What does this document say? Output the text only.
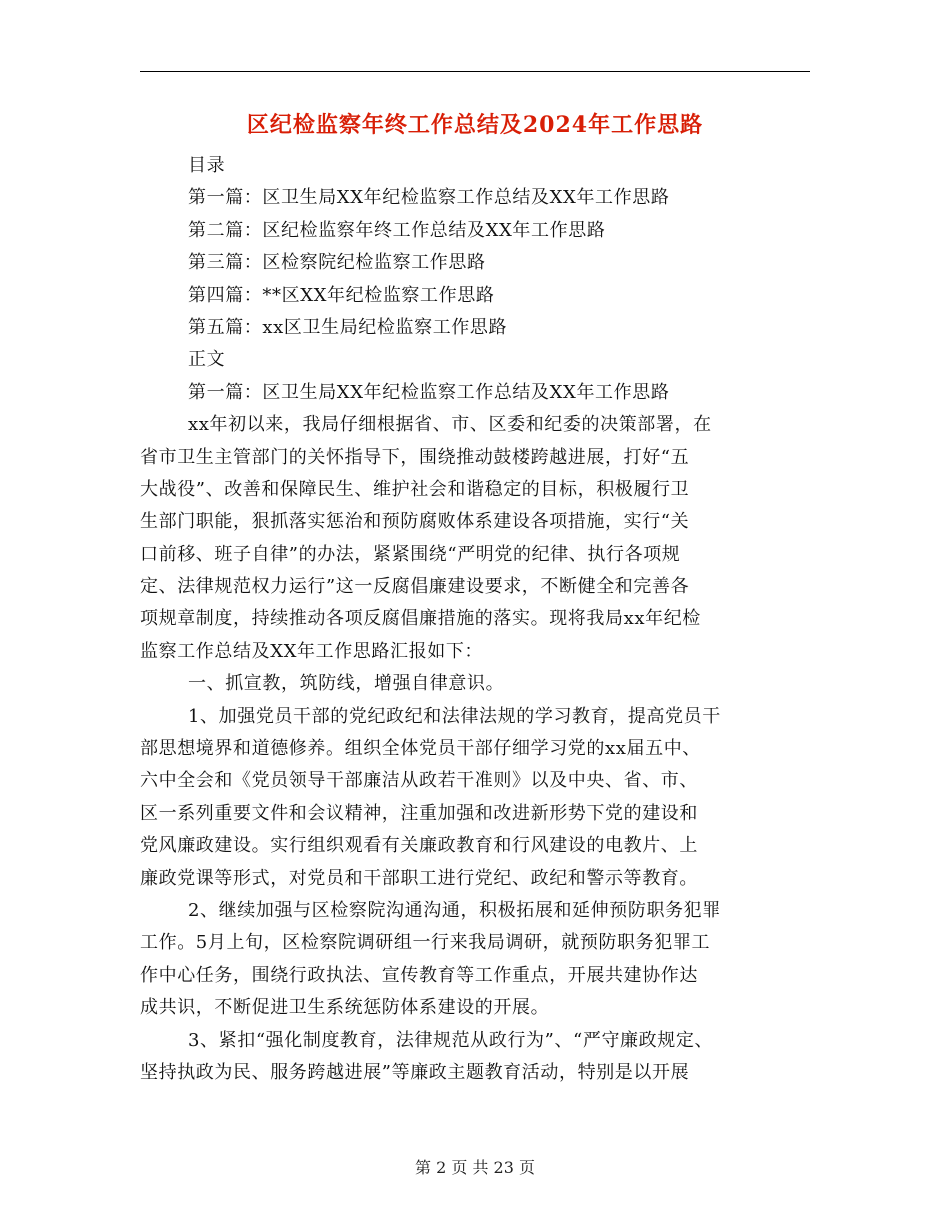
区纪检监察年终工作总结及2024年工作思路
目录
第一篇：区卫生局XX年纪检监察工作总结及XX年工作思路
第二篇：区纪检监察年终工作总结及XX年工作思路
第三篇：区检察院纪检监察工作思路
第四篇：**区XX年纪检监察工作思路
第五篇：xx区卫生局纪检监察工作思路
正文
第一篇：区卫生局XX年纪检监察工作总结及XX年工作思路
xx年初以来，我局仔细根据省、市、区委和纪委的决策部署，在
省市卫生主管部门的关怀指导下，围绕推动鼓楼跨越进展，打好“五
大战役”、改善和保障民生、维护社会和谐稳定的目标，积极履行卫
生部门职能，狠抓落实惩治和预防腐败体系建设各项措施，实行“关
口前移、班子自律”的办法，紧紧围绕“严明党的纪律、执行各项规
定、法律规范权力运行”这一反腐倡廉建设要求，不断健全和完善各
项规章制度，持续推动各项反腐倡廉措施的落实。现将我局xx年纪检
监察工作总结及XX年工作思路汇报如下：
一、抓宣教，筑防线，增强自律意识。
1、加强党员干部的党纪政纪和法律法规的学习教育，提高党员干
部思想境界和道德修养。组织全体党员干部仔细学习党的xx届五中、
六中全会和《党员领导干部廉洁从政若干准则》以及中央、省、市、
区一系列重要文件和会议精神，注重加强和改进新形势下党的建设和
党风廉政建设。实行组织观看有关廉政教育和行风建设的电教片、上
廉政党课等形式，对党员和干部职工进行党纪、政纪和警示等教育。
2、继续加强与区检察院沟通沟通，积极拓展和延伸预防职务犯罪
工作。5月上旬，区检察院调研组一行来我局调研，就预防职务犯罪工
作中心任务，围绕行政执法、宣传教育等工作重点，开展共建协作达
成共识，不断促进卫生系统惩防体系建设的开展。
3、紧扣“强化制度教育，法律规范从政行为”、“严守廉政规定、
坚持执政为民、服务跨越进展”等廉政主题教育活动，特别是以开展
第 2 页 共 23 页
